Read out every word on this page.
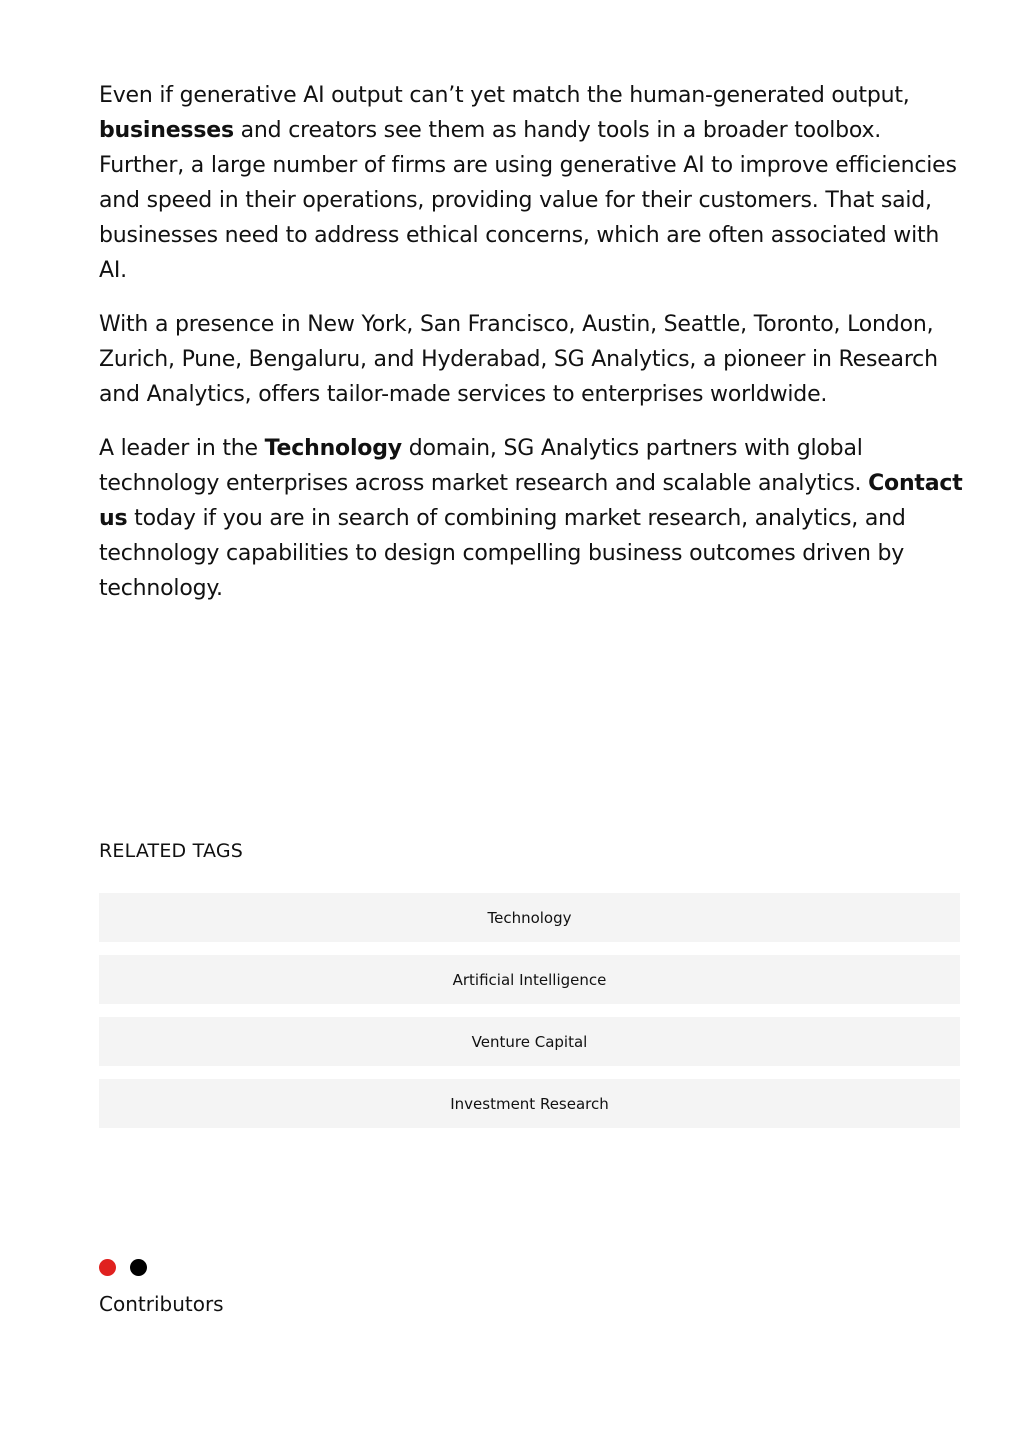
Even if generative AI output can’t yet match the human-generated output, businesses and creators see them as handy tools in a broader toolbox. Further, a large number of firms are using generative AI to improve efficiencies and speed in their operations, providing value for their customers. That said, businesses need to address ethical concerns, which are often associated with AI.

With a presence in New York, San Francisco, Austin, Seattle, Toronto, London, Zurich, Pune, Bengaluru, and Hyderabad, SG Analytics, a pioneer in Research and Analytics, offers tailor-made services to enterprises worldwide.

A leader in the Technology domain, SG Analytics partners with global technology enterprises across market research and scalable analytics. Contact us today if you are in search of combining market research, analytics, and technology capabilities to design compelling business outcomes driven by technology.

RELATED TAGS
Technology
Artificial Intelligence
Venture Capital
Investment Research
Contributors
